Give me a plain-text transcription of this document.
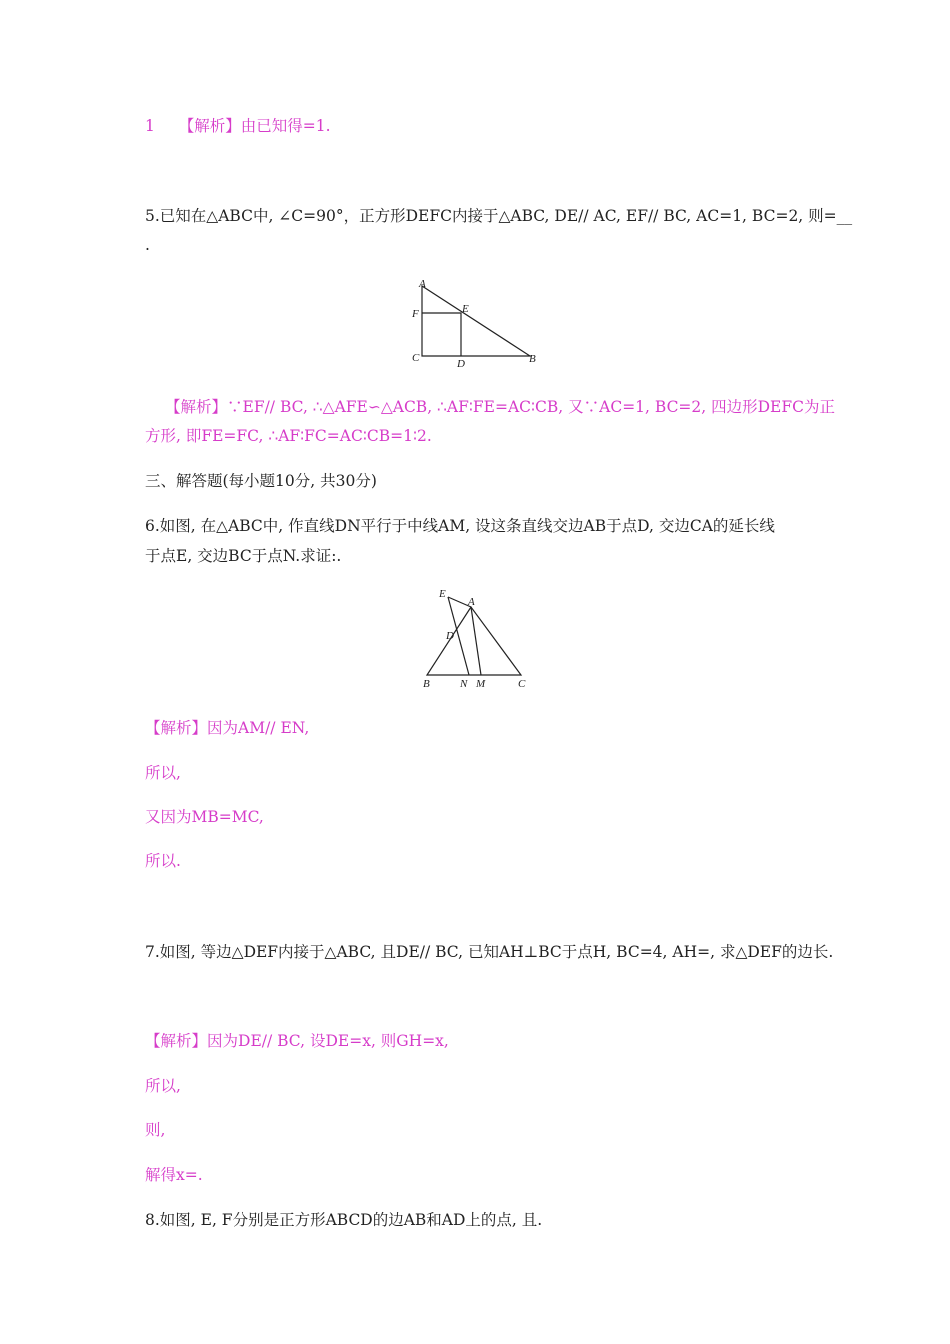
1 【解析】由已知得=1.
5.已知在△ABC中, ∠C=90°，正方形DEFC内接于△ABC, DE// AC, EF// BC, AC=1, BC=2, 则=__
.
A
E
F
C	D	B
【解析】∵EF// BC, ∴△AFE∽△ACB, ∴AF∶FE=AC∶CB, 又∵AC=1, BC=2, 四边形DEFC为正
方形, 即FE=FC, ∴AF∶FC=AC∶CB=1∶2.
三、解答题(每小题10分, 共30分)
6.如图, 在△ABC中, 作直线DN平行于中线AM, 设这条直线交边AB于点D, 交边CA的延长线
于点E, 交边BC于点N.求证:.
E
A
D
B	N M	C
【解析】因为AM// EN,
所以,
又因为MB=MC,
所以.
7.如图, 等边△DEF内接于△ABC, 且DE// BC, 已知AH⊥BC于点H, BC=4, AH=, 求△DEF的边长.
【解析】因为DE// BC, 设DE=x, 则GH=x,
所以,
则,
解得x=.
8.如图, E, F分别是正方形ABCD的边AB和AD上的点, 且.
